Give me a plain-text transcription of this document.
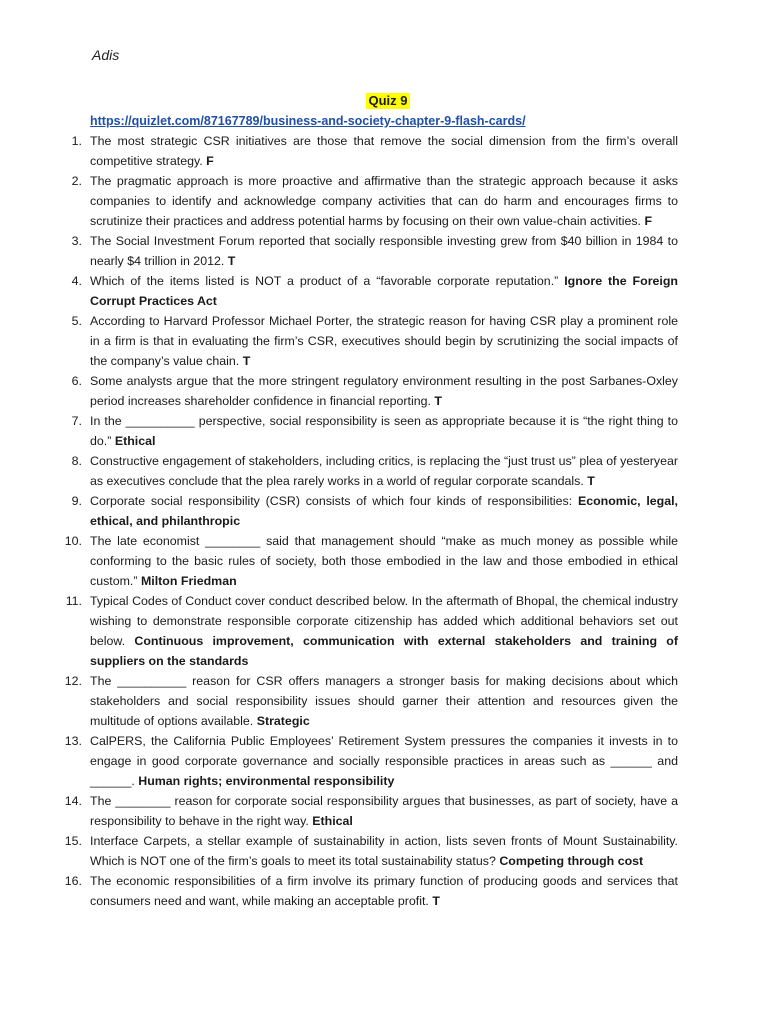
Adis
Quiz 9
https://quizlet.com/87167789/business-and-society-chapter-9-flash-cards/
1. The most strategic CSR initiatives are those that remove the social dimension from the firm’s overall competitive strategy. F
2. The pragmatic approach is more proactive and affirmative than the strategic approach because it asks companies to identify and acknowledge company activities that can do harm and encourages firms to scrutinize their practices and address potential harms by focusing on their own value-chain activities. F
3. The Social Investment Forum reported that socially responsible investing grew from $40 billion in 1984 to nearly $4 trillion in 2012. T
4. Which of the items listed is NOT a product of a “favorable corporate reputation.” Ignore the Foreign Corrupt Practices Act
5. According to Harvard Professor Michael Porter, the strategic reason for having CSR play a prominent role in a firm is that in evaluating the firm’s CSR, executives should begin by scrutinizing the social impacts of the company’s value chain. T
6. Some analysts argue that the more stringent regulatory environment resulting in the post Sarbanes-Oxley period increases shareholder confidence in financial reporting. T
7. In the __________ perspective, social responsibility is seen as appropriate because it is “the right thing to do.” Ethical
8. Constructive engagement of stakeholders, including critics, is replacing the “just trust us” plea of yesteryear as executives conclude that the plea rarely works in a world of regular corporate scandals. T
9. Corporate social responsibility (CSR) consists of which four kinds of responsibilities: Economic, legal, ethical, and philanthropic
10. The late economist ________ said that management should “make as much money as possible while conforming to the basic rules of society, both those embodied in the law and those embodied in ethical custom.” Milton Friedman
11. Typical Codes of Conduct cover conduct described below. In the aftermath of Bhopal, the chemical industry wishing to demonstrate responsible corporate citizenship has added which additional behaviors set out below. Continuous improvement, communication with external stakeholders and training of suppliers on the standards
12. The __________ reason for CSR offers managers a stronger basis for making decisions about which stakeholders and social responsibility issues should garner their attention and resources given the multitude of options available. Strategic
13. CalPERS, the California Public Employees’ Retirement System pressures the companies it invests in to engage in good corporate governance and socially responsible practices in areas such as ______ and ______. Human rights; environmental responsibility
14. The ________ reason for corporate social responsibility argues that businesses, as part of society, have a responsibility to behave in the right way. Ethical
15. Interface Carpets, a stellar example of sustainability in action, lists seven fronts of Mount Sustainability. Which is NOT one of the firm’s goals to meet its total sustainability status? Competing through cost
16. The economic responsibilities of a firm involve its primary function of producing goods and services that consumers need and want, while making an acceptable profit. T
